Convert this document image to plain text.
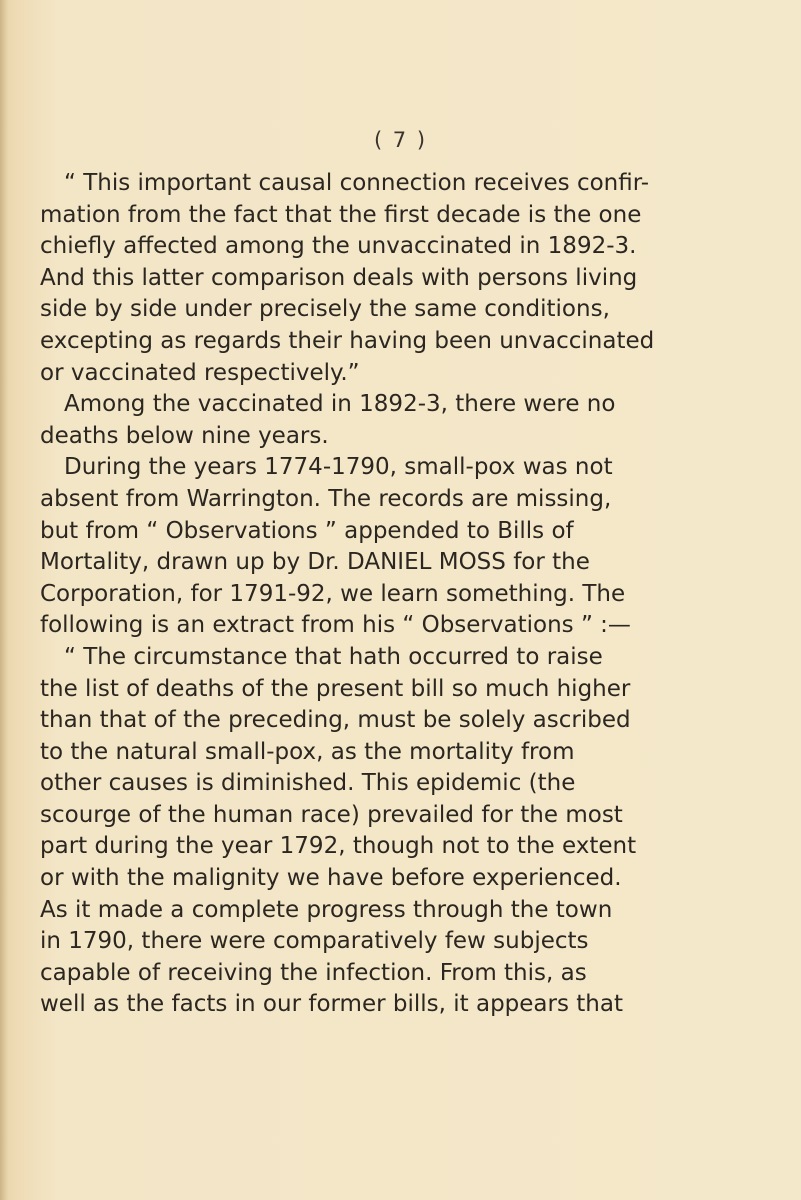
( 7 )
“ This important causal connection receives confir-
mation from the fact that the first decade is the one
chiefly affected among the unvaccinated in 1892-3.
And this latter comparison deals with persons living
side by side under precisely the same conditions,
excepting as regards their having been unvaccinated
or vaccinated respectively.”
Among the vaccinated in 1892-3, there were no
deaths below nine years.
During the years 1774-1790, small-pox was not
absent from Warrington. The records are missing,
but from “ Observations ” appended to Bills of
Mortality, drawn up by Dr. DANIEL MOSS for the
Corporation, for 1791-92, we learn something. The
following is an extract from his “ Observations ” :—
“ The circumstance that hath occurred to raise
the list of deaths of the present bill so much higher
than that of the preceding, must be solely ascribed
to the natural small-pox, as the mortality from
other causes is diminished. This epidemic (the
scourge of the human race) prevailed for the most
part during the year 1792, though not to the extent
or with the malignity we have before experienced.
As it made a complete progress through the town
in 1790, there were comparatively few subjects
capable of receiving the infection. From this, as
well as the facts in our former bills, it appears that
